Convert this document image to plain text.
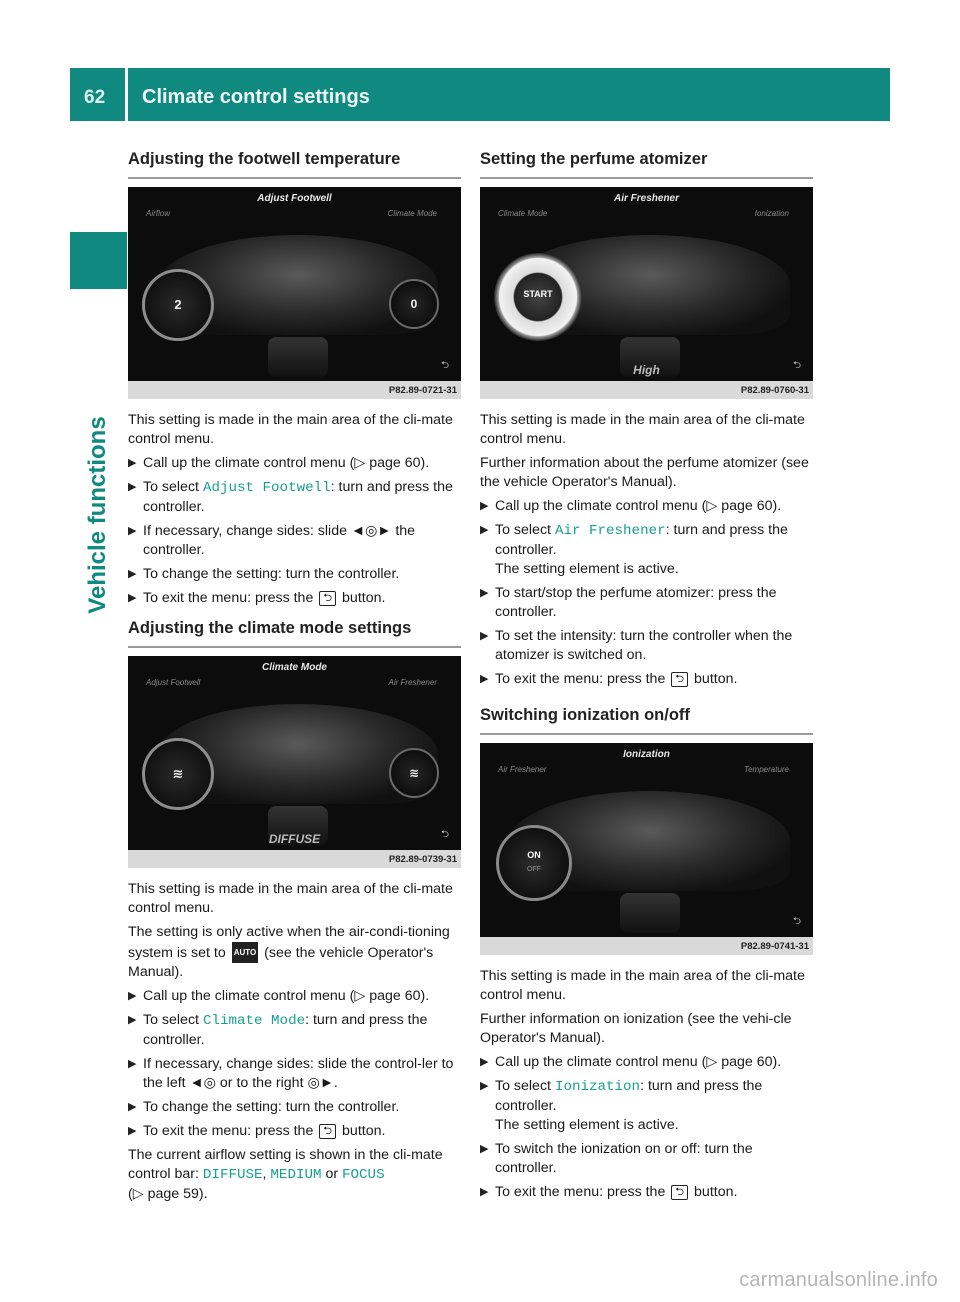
62 Climate control settings
Vehicle functions
Adjusting the footwell temperature
Adjust Footwell
Airflow	Climate Mode
2	0
⮌
P82.89-0721-31

This setting is made in the main area of the cli-mate control menu.

▶ Call up the climate control menu (▷ page 60).
▶ To select Adjust Footwell: turn and press the controller.
▶ If necessary, change sides: slide ◄◎► the controller.
▶ To change the setting: turn the controller.
▶ To exit the menu: press the ⮌ button.
Adjusting the climate mode settings
Climate Mode
Adjust Footwell	Air Freshener
≋	≋
DIFFUSE	⮌
P82.89-0739-31

This setting is made in the main area of the cli-mate control menu.

The setting is only active when the air-condi-tioning system is set to AUTO (see the vehicle Operator's Manual).

▶ Call up the climate control menu (▷ page 60).
▶ To select Climate Mode: turn and press the controller.
▶ If necessary, change sides: slide the control-ler to the left ◄◎ or to the right ◎►.
▶ To change the setting: turn the controller.
▶ To exit the menu: press the ⮌ button.

The current airflow setting is shown in the cli-mate control bar: DIFFUSE, MEDIUM or FOCUS
(▷ page 59).

Setting the perfume atomizer
Air Freshener
Climate Mode	Ionization
START
High	⮌
P82.89-0760-31

This setting is made in the main area of the cli-mate control menu.

Further information about the perfume atomizer (see the vehicle Operator's Manual).

▶ Call up the climate control menu (▷ page 60).
▶ To select Air Freshener: turn and press the controller.
The setting element is active.
▶ To start/stop the perfume atomizer: press the controller.
▶ To set the intensity: turn the controller when the atomizer is switched on.
▶ To exit the menu: press the ⮌ button.
Switching ionization on/off
Ionization
Air Freshener	Temperature
ON
OFF
⮌
P82.89-0741-31

This setting is made in the main area of the cli-mate control menu.

Further information on ionization (see the vehi-cle Operator's Manual).

▶ Call up the climate control menu (▷ page 60).
▶ To select Ionization: turn and press the controller.
The setting element is active.
▶ To switch the ionization on or off: turn the controller.
▶ To exit the menu: press the ⮌ button.
carmanualsonline.info
